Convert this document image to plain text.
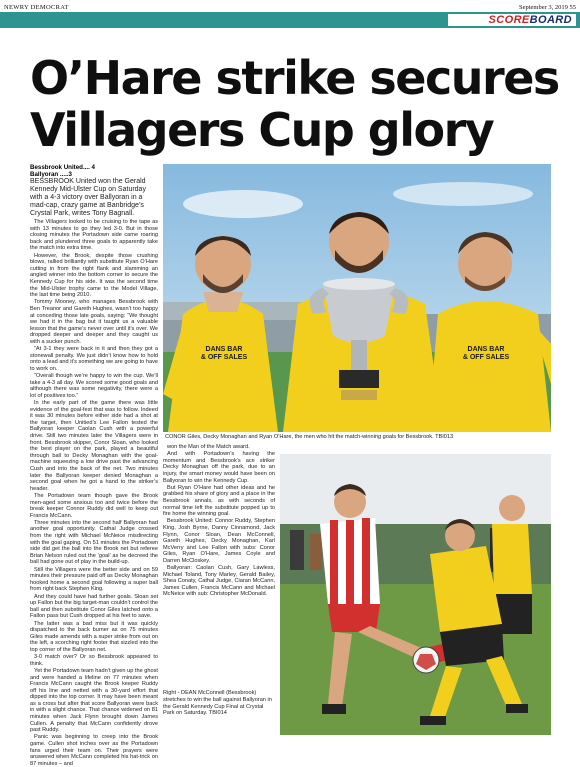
NEWRY DEMOCRAT	September 3, 2019 55
SCOREBOARD
O’Hare strike secures
Villagers Cup glory
Bessbrook United.... 4
Ballyoran .....3
BESSBROOK United won the Gerald Kennedy Mid-Ulster Cup on Saturday with a 4-3 victory over Ballyoran in a mad-cap, crazy game at Banbridge’s Crystal Park, writes Tony Bagnall.

The Villagers looked to be cruising to the tape as with 13 minutes to go they led 3-0. But in those closing minutes the Portadown side came roaring back and plundered three goals to apparently take the match into extra time.

However, the Brook, despite those crushing blows, rallied brilliantly with substitute Ryan O’Hare cutting in from the right flank and slamming an angled winner into the bottom corner to secure the Kennedy Cup for his side. It was the second time the Mid-Ulster trophy came to the Model Village, the last time being 2010.

Tommy Mooney, who manages Bessbrook with Ben Treanor and Gareth Hughes, wasn’t too happy at conceding those late goals, saying: “We thought we had it in the bag but it taught us a valuable lesson that the game’s never over until it’s over. We dropped deeper and deeper and they caught us with a sucker punch.

“At 3-1 they were back in it and then they got a stonewall penalty. We just didn’t know how to hold onto a lead and it’s something we are going to have to work on.

“Overall though we’re happy to win the cup. We’ll take a 4-3 all day. We scored some good goals and although there was some negativity, there were a lot of positives too.”

In the early part of the game there was little evidence of the goal-fest that was to follow. Indeed it was 30 minutes before either side had a shot at the target, then Unitied’s Lee Fallon tested the Ballyoran keeper Caolan Cush with a powerful drive. Still two minutes later the Villagers were in front. Bessbrook skipper, Conor Sloan, who looked the best player on the park, played a beautiful through ball to Decky Monaghan with the goal-machine squeezing a low drive past the advancing Cush and into the back of the net. Two minutes later the Ballyoran keeper denied Monaghan a second goal when he got a hand to the striker’s header.

The Portadown team though gave the Brook men-aged some anxious too and twice before the break keeper Connor Ruddy did well to keep out Francis McCann.

Three minutes into the second half Ballyoran had another goal opportunity. Cathal Judge crossed from the right with Michael McNeice misdirecting with the goal gaping. On 51 minutes the Portadown side did get the ball into the Brook net but referee Brian Nelson ruled out the ‘goal’ as he decreed the ball had gone out of play in the build-up.

Still the Villagers were the better side and on 59 minutes their pressure paid off as Decky Monaghan hooked home a second goal following a super ball from right back Stephen King.

And they could have had further goals. Sloan set up Fallon but the big target-man couldn’t control the ball and then substitute Conor Giles latched onto a Fallon pass but Cush dropped at his feet to save.

The latter was a bad miss but it was quickly dispatched to the back burner as on 75 minutes Giles made amends with a super strike from out on the left, a scorching right footer that sizzled into the top corner of the Ballyoran net.

3-0 match over? Or so Bessbrook appeared to think.

Yet the Portadown team hadn’t given up the ghost and were handed a lifeline on 77 minutes when Francis McCann caught the Brook keeper Ruddy off his line and netted with a 30-yard effort that dipped into the top corner. It may have been meant as a cross but after that score Ballyoran were back in with a slight chance. That chance widened on 81 minutes when Jack Flynn brought down James Cullen. A penalty that McCann confidently drove past Ruddy.

Panic was beginning to creep into the Brook game. Cullen shot inches over as the Portadown fans urged their team on. Their prayers were answered when McCann completed his hat-trick on 87 minutes – and

DANS BAR
& OFF SALES
DANS BAR
& OFF SALES
CONOR Giles, Decky Monaghan and Ryan O’Hare, the men who hit the match-winning goals for Bessbrook. TBI013

won the Man of the Match award.

And with Portadown’s having the momentum and Bessbrook’s ace striker Decky Monaghan off the park, due to an injury, the smart money would have been on Ballyoran to win the Kennedy Cup.

But Ryan O’Hare had other ideas and he grabbed his share of glory and a place in the Bessbrook annals, as with seconds of normal time left the substitute popped up to fire home the winning goal.

Bessbrook United: Connor Ruddy, Stephen King, Josh Byrne, Danny Cinnamond, Jack Flynn, Conor Sloan, Dean McConnell, Gareth Hughes, Decky Monaghan, Karl McVerry and Lee Fallon with subs: Conor Giles, Ryan O’Hare, James Coyle and Darren McCloskey.

Ballyoran: Caolan Cush, Gary Lawless, Michael Toland, Tony Marley, Gerald Bailey, Shea Conaty, Cathal Judge, Ciaran McCann, James Cullen, Francis McCann and Michael McNeice with sub: Christopher McDonald.

Right - DEAN McConnell (Bessbrook) stretches to win the ball against Ballyoran in the Gerald Kennedy Cup Final at Crystal Park on Saturday. TBI014
